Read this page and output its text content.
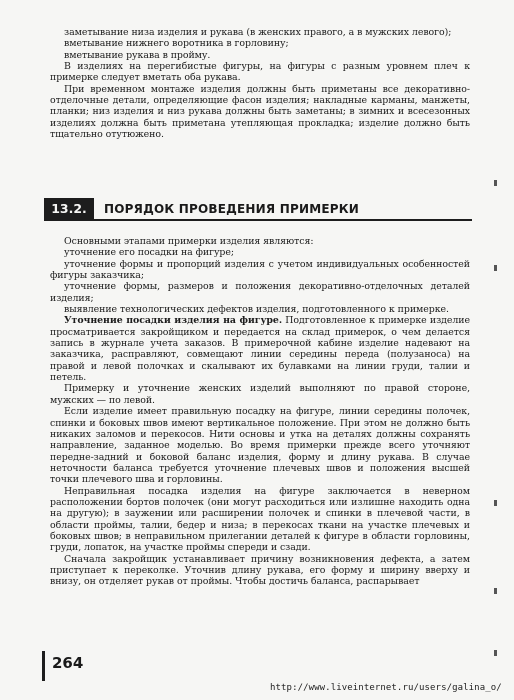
заметывание низа изделия и рукава (в женских правого, а в мужских левого);

вметывание нижнего воротника в горловину;

вметывание рукава в пройму.

В изделиях на перегибистые фигуры, на фигуры с разным уровнем плеч к примерке следует вметать оба рукава.

При временном монтаже изделия должны быть приметаны все декоративно-отделочные детали, определяющие фасон изделия; накладные карманы, манжеты, планки; низ изделия и низ рукава должны быть заметаны; в зимних и всесезонных изделиях должна быть приметана утепляющая прокладка; изделие должно быть тщательно отутюжено.

13.2.	ПОРЯДОК ПРОВЕДЕНИЯ ПРИМЕРКИ

Основными этапами примерки изделия являются:

уточнение его посадки на фигуре;

уточнение формы и пропорций изделия с учетом индивидуальных особенностей фигуры заказчика;

уточнение формы, размеров и положения декоративно-отделочных деталей изделия;

выявление технологических дефектов изделия, подготовленного к примерке.

Уточнение посадки изделия на фигуре. Подготовленное к примерке изделие просматривается закройщиком и передается на склад примерок, о чем делается запись в журнале учета заказов. В примерочной кабине изделие надевают на заказчика, расправляют, совмещают линии середины переда (полузаноса) на правой и левой полочках и скалывают их булавками на линии груди, талии и петель.

Примерку и уточнение женских изделий выполняют по правой стороне, мужских — по левой.

Если изделие имеет правильную посадку на фигуре, линии середины полочек, спинки и боковых швов имеют вертикальное положение. При этом не должно быть никаких заломов и перекосов. Нити основы и утка на деталях должны сохранять направление, заданное моделью. Во время примерки прежде всего уточняют передне-задний и боковой баланс изделия, форму и длину рукава. В случае неточности баланса требуется уточнение плечевых швов и положения высшей точки плечевого шва и горловины.

Неправильная посадка изделия на фигуре заключается в неверном расположении бортов полочек (они могут расходиться или излишне находить одна на другую); в заужении или расширении полочек и спинки в плечевой части, в области проймы, талии, бедер и низа; в перекосах ткани на участке плечевых и боковых швов; в неправильном прилегании деталей к фигуре в области горловины, груди, лопаток, на участке проймы спереди и сзади.

Сначала закройщик устанавливает причину возникновения дефекта, а затем приступает к переколке. Уточнив длину рукава, его форму и ширину вверху и внизу, он отделяет рукав от проймы. Чтобы достичь баланса, распарывает

264
http://www.liveinternet.ru/users/galina_o/
